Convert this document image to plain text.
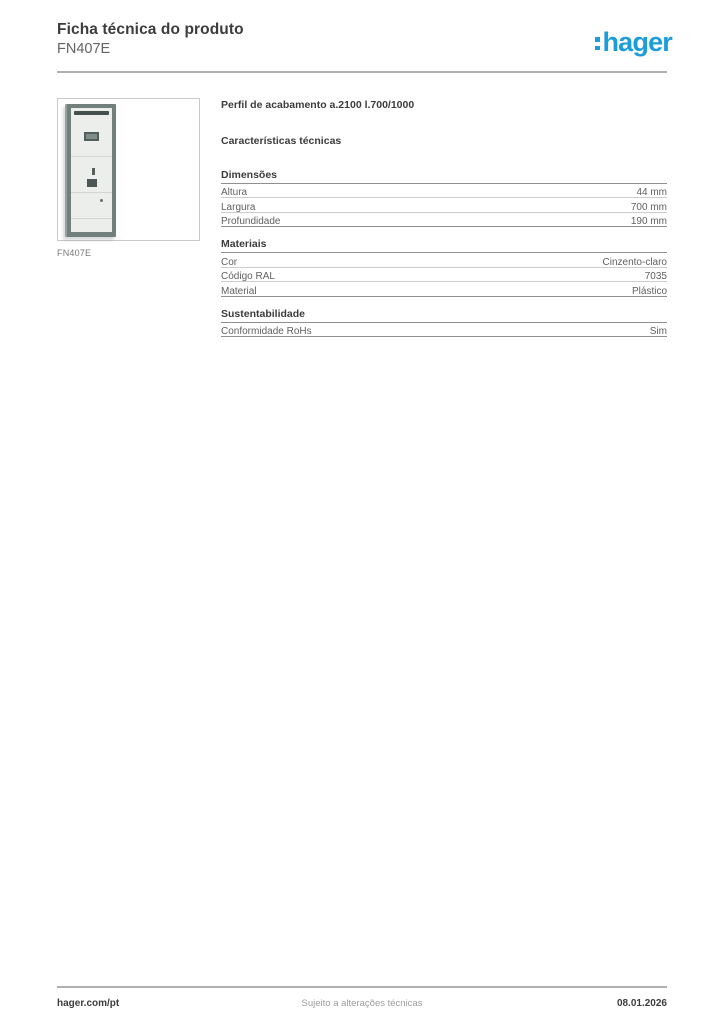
Ficha técnica do produto
FN407E	hager
FN407E
Perfil de acabamento a.2100 l.700/1000
Características técnicas
Dimensões
Altura	44 mm
Largura	700 mm
Profundidade	190 mm
Materiais
Cor	Cinzento-claro
Código RAL	7035
Material	Plástico
Sustentabilidade
Conformidade RoHs	Sim
hager.com/pt	Sujeito a alterações técnicas	08.01.2026
